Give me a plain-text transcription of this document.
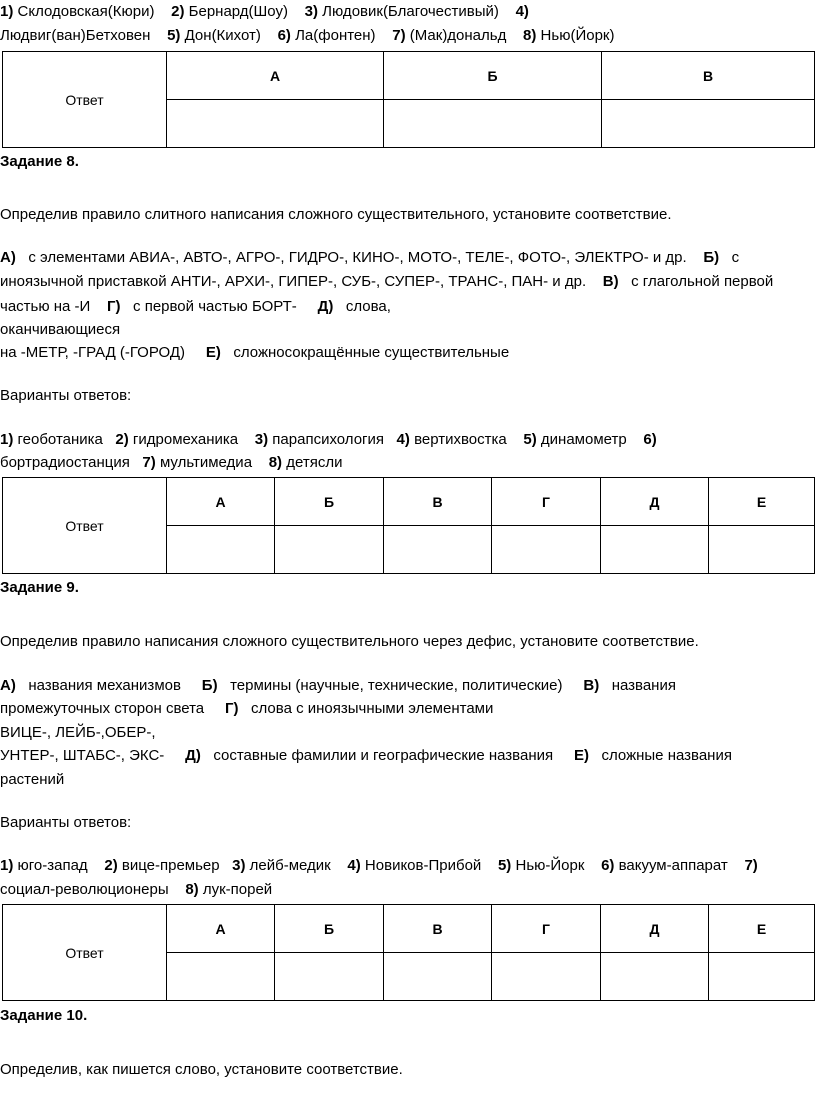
1) Склодовская(Кюри) 2) Бернард(Шоу) 3) Людовик(Благочестивый) 4)
Людвиг(ван)Бетховен 5) Дон(Кихот) 6) Ла(фонтен) 7) (Мак)дональд 8) Нью(Йорк)
Ответ	А	Б	В

Задание 8.
Определив правило слитного написания сложного существительного, установите соответствие.
А) с элементами АВИА-, АВТО-, АГРО-, ГИДРО-, КИНО-, МОТО-, ТЕЛЕ-, ФОТО-, ЭЛЕКТРО- и др. Б) с
иноязычной приставкой АНТИ-, АРХИ-, ГИПЕР-, СУБ-, СУПЕР-, ТРАНС-, ПАН- и др. В) с глагольной первой
частью на -И Г) с первой частью БОРТ- Д) слова,
оканчивающиеся
на -МЕТР, -ГРАД (-ГОРОД) Е) сложносокращённые существительные
Варианты ответов:
1) геоботаника 2) гидромеханика 3) парапсихология 4) вертихвостка 5) динамометр 6)
бортрадиостанция 7) мультимедиа 8) детясли
Ответ	А	Б	В	Г	Д	Е

Задание 9.
Определив правило написания сложного существительного через дефис, установите соответствие.
А) названия механизмов Б) термины (научные, технические, политические) В) названия
промежуточных сторон света Г) слова с иноязычными элементами
ВИЦЕ-, ЛЕЙБ-,ОБЕР-,
УНТЕР-, ШТАБС-, ЭКС- Д) составные фамилии и географические названия Е) сложные названия
растений
Варианты ответов:
1) юго-запад 2) вице-премьер 3) лейб-медик 4) Новиков-Прибой 5) Нью-Йорк 6) вакуум-аппарат 7)
социал-революционеры 8) лук-порей
Ответ	А	Б	В	Г	Д	Е

Задание 10.
Определив, как пишется слово, установите соответствие.
